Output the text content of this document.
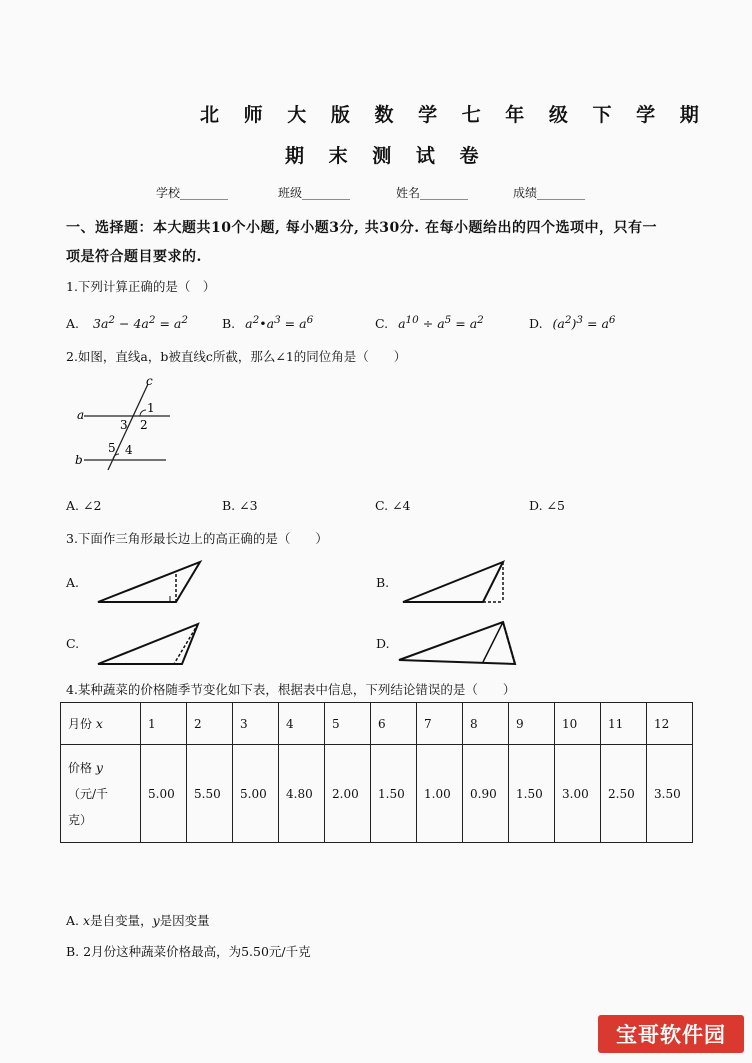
北 师 大 版 数 学 七 年 级 下 学 期
期 末 测 试 卷
学校________	班级________	姓名________	成绩________
一、选择题：本大题共10个小题, 每小题3分, 共30分. 在每小题给出的四个选项中，只有一
项是符合题目要求的.
1.下列计算正确的是（　）
A. $3a^2 - 4a^2 = a^2$	B. $a^2•a^3 = a^6$	C. $a^{10} \div a^5 = a^2$	D. $(a^2)^3 = a^6$
2.如图，直线a，b被直线c所截，那么∠1的同位角是（　　）
a
b
c
1
2
3
4
5
A. ∠2	B. ∠3	C. ∠4	D. ∠5
3.下面作三角形最长边上的高正确的是（　　）
A.	B.
C.	D.
4.某种蔬菜的价格随季节变化如下表，根据表中信息，下列结论错误的是（　　）
月份 x	1	2	3	4	5	6	7	8	9	10	11	12

价格 y
（元/千
克）	5.00	5.50	5.00	4.80	2.00	1.50	1.00	0.90	1.50	3.00	2.50	3.50
A. x是自变量，y是因变量
B. 2月份这种蔬菜价格最高，为5.50元/千克
宝哥软件园
